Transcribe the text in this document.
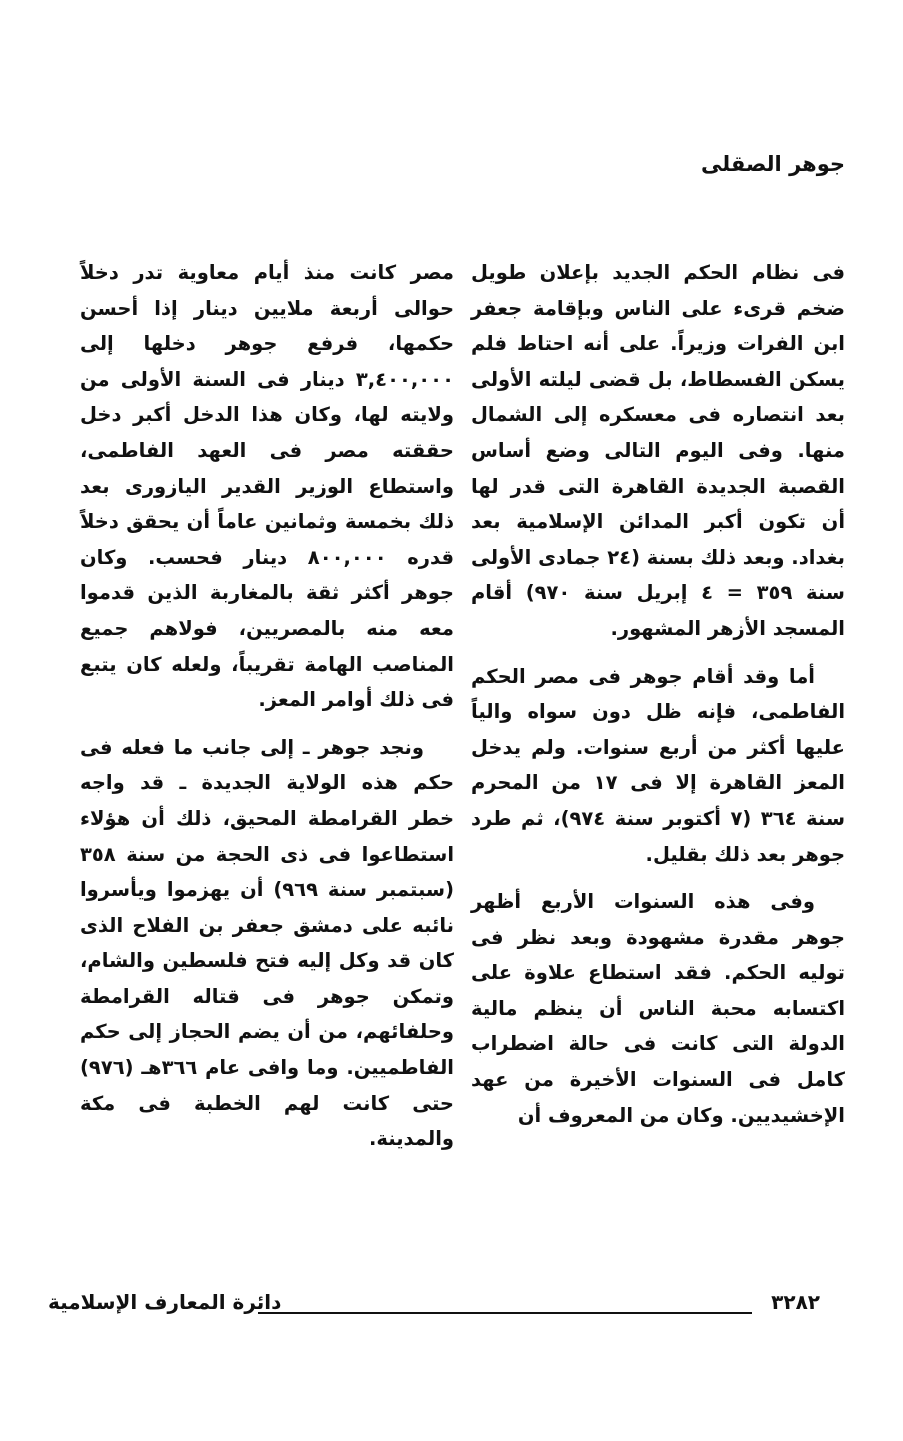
جوهر الصقلى

فى نظام الحكم الجديد بإعلان طويل ضخم قرىء على الناس وبإقامة جعفر ابن الفرات وزيراً. على أنه احتاط فلم يسكن الفسطاط، بل قضى ليلته الأولى بعد انتصاره فى معسكره إلى الشمال منها. وفى اليوم التالى وضع أساس القصبة الجديدة القاهرة التى قدر لها أن تكون أكبر المدائن الإسلامية بعد بغداد. وبعد ذلك بسنة (٢٤ جمادى الأولى سنة ٣٥٩ = ٤ إبريل سنة ٩٧٠) أقام المسجد الأزهر المشهور.

أما وقد أقام جوهر فى مصر الحكم الفاطمى، فإنه ظل دون سواه والياً عليها أكثر من أربع سنوات. ولم يدخل المعز القاهرة إلا فى ١٧ من المحرم سنة ٣٦٤ (٧ أكتوبر سنة ٩٧٤)، ثم طرد جوهر بعد ذلك بقليل.

وفى هذه السنوات الأربع أظهر جوهر مقدرة مشهودة وبعد نظر فى توليه الحكم. فقد استطاع علاوة على اكتسابه محبة الناس أن ينظم مالية الدولة التى كانت فى حالة اضطراب كامل فى السنوات الأخيرة من عهد الإخشيديين. وكان من المعروف أن

مصر كانت منذ أيام معاوية تدر دخلاً حوالى أربعة ملايين دينار إذا أحسن حكمها، فرفع جوهر دخلها إلى ٣,٤٠٠,٠٠٠ دينار فى السنة الأولى من ولايته لها، وكان هذا الدخل أكبر دخل حققته مصر فى العهد الفاطمى، واستطاع الوزير القدير اليازورى بعد ذلك بخمسة وثمانين عاماً أن يحقق دخلاً قدره ٨٠٠,٠٠٠ دينار فحسب. وكان جوهر أكثر ثقة بالمغاربة الذين قدموا معه منه بالمصريين، فولاهم جميع المناصب الهامة تقريباً، ولعله كان يتبع فى ذلك أوامر المعز.

ونجد جوهر ـ إلى جانب ما فعله فى حكم هذه الولاية الجديدة ـ قد واجه خطر القرامطة المحيق، ذلك أن هؤلاء استطاعوا فى ذى الحجة من سنة ٣٥٨ (سبتمبر سنة ٩٦٩) أن يهزموا ويأسروا نائبه على دمشق جعفر بن الفلاح الذى كان قد وكل إليه فتح فلسطين والشام، وتمكن جوهر فى قتاله القرامطة وحلفائهم، من أن يضم الحجاز إلى حكم الفاطميين. وما وافى عام ٣٦٦هـ (٩٧٦) حتى كانت لهم الخطبة فى مكة والمدينة.

٣٢٨٢
دائرة المعارف الإسلامية
